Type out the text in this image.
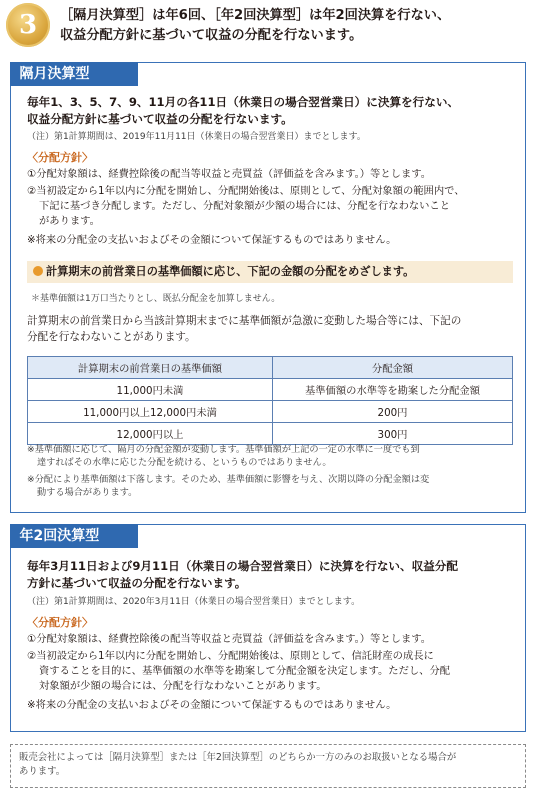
3	［隔月決算型］は年6回、［年2回決算型］は年2回決算を行ない、
収益分配方針に基づいて収益の分配を行ないます。
隔月決算型
毎年1、3、5、7、9、11月の各11日（休業日の場合翌営業日）に決算を行ない、
収益分配方針に基づいて収益の分配を行ないます。
（注）第1計算期間は、2019年11月11日（休業日の場合翌営業日）までとします。
〈分配方針〉
①分配対象額は、経費控除後の配当等収益と売買益（評価益を含みます。）等とします。
②当初設定から1年以内に分配を開始し、分配開始後は、原則として、分配対象額の範囲内で、
下記に基づき分配します。ただし、分配対象額が少額の場合には、分配を行なわないこと
があります。
※将来の分配金の支払いおよびその金額について保証するものではありません。
計算期末の前営業日の基準価額に応じ、下記の金額の分配をめざします。
＊基準価額は1万口当たりとし、既払分配金を加算しません。
計算期末の前営業日から当該計算期末までに基準価額が急激に変動した場合等には、下記の
分配を行なわないことがあります。
計算期末の前営業日の基準価額	分配金額
11,000円未満	基準価額の水準等を勘案した分配金額
11,000円以上12,000円未満	200円
12,000円以上	300円
※基準価額に応じて、隔月の分配金額が変動します。基準価額が上記の一定の水準に一度でも到
達すればその水準に応じた分配を続ける、というものではありません。
※分配により基準価額は下落します。そのため、基準価額に影響を与え、次期以降の分配金額は変
動する場合があります。
年2回決算型
毎年3月11日および9月11日（休業日の場合翌営業日）に決算を行ない、収益分配
方針に基づいて収益の分配を行ないます。
（注）第1計算期間は、2020年3月11日（休業日の場合翌営業日）までとします。
〈分配方針〉
①分配対象額は、経費控除後の配当等収益と売買益（評価益を含みます。）等とします。
②当初設定から1年以内に分配を開始し、分配開始後は、原則として、信託財産の成長に
資することを目的に、基準価額の水準等を勘案して分配金額を決定します。ただし、分配
対象額が少額の場合には、分配を行なわないことがあります。
※将来の分配金の支払いおよびその金額について保証するものではありません。
販売会社によっては［隔月決算型］または［年2回決算型］のどちらか一方のみのお取扱いとなる場合が
あります。
